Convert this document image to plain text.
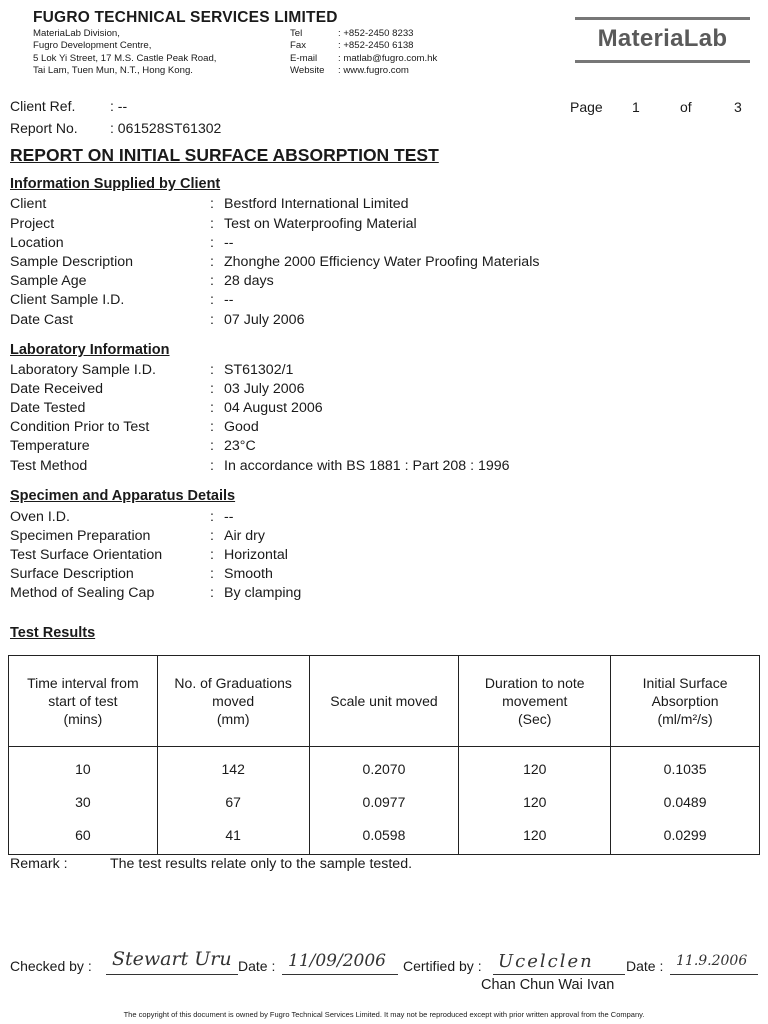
FUGRO TECHNICAL SERVICES LIMITED
MateriaLab Division,
Fugro Development Centre,
5 Lok Yi Street, 17 M.S. Castle Peak Road,
Tai Lam, Tuen Mun, N.T., Hong Kong.
Tel	: +852-2450 8233
Fax	: +852-2450 6138
E-mail	: matlab@fugro.com.hk
Website	: www.fugro.com
MateriaLab
Client Ref. : --
Report No. : 061528ST61302
Page 1	of	3
REPORT ON INITIAL SURFACE ABSORPTION TEST
Information Supplied by Client
Client	: Bestford International Limited
Project	: Test on Waterproofing Material
Location	: --
Sample Description	: Zhonghe 2000 Efficiency Water Proofing Materials
Sample Age	: 28 days
Client Sample I.D.	: --
Date Cast	: 07 July 2006
Laboratory Information
Laboratory Sample I.D.	: ST61302/1
Date Received	: 03 July 2006
Date Tested	: 04 August 2006
Condition Prior to Test	: Good
Temperature	: 23°C
Test Method	: In accordance with BS 1881 : Part 208 : 1996
Specimen and Apparatus Details
Oven I.D.	: --
Specimen Preparation	: Air dry
Test Surface Orientation	: Horizontal
Surface Description	: Smooth
Method of Sealing Cap	: By clamping
Test Results
Time interval from
start of test
(mins)	No. of Graduations
moved
(mm)	Scale unit moved	Duration to note
movement
(Sec)	Initial Surface
Absorption
(ml/m²/s)
10	142	0.2070	120	0.1035
30	67	0.0977	120	0.0489
60	41	0.0598	120	0.0299
Remark :	The test results relate only to the sample tested.
Checked by : Stewart Uru Date : 11/09/2006 Certified by : Ucelclen Date : 11.9.2006
Chan Chun Wai Ivan
The copyright of this document is owned by Fugro Technical Services Limited. It may not be reproduced except with prior written approval from the Company.
